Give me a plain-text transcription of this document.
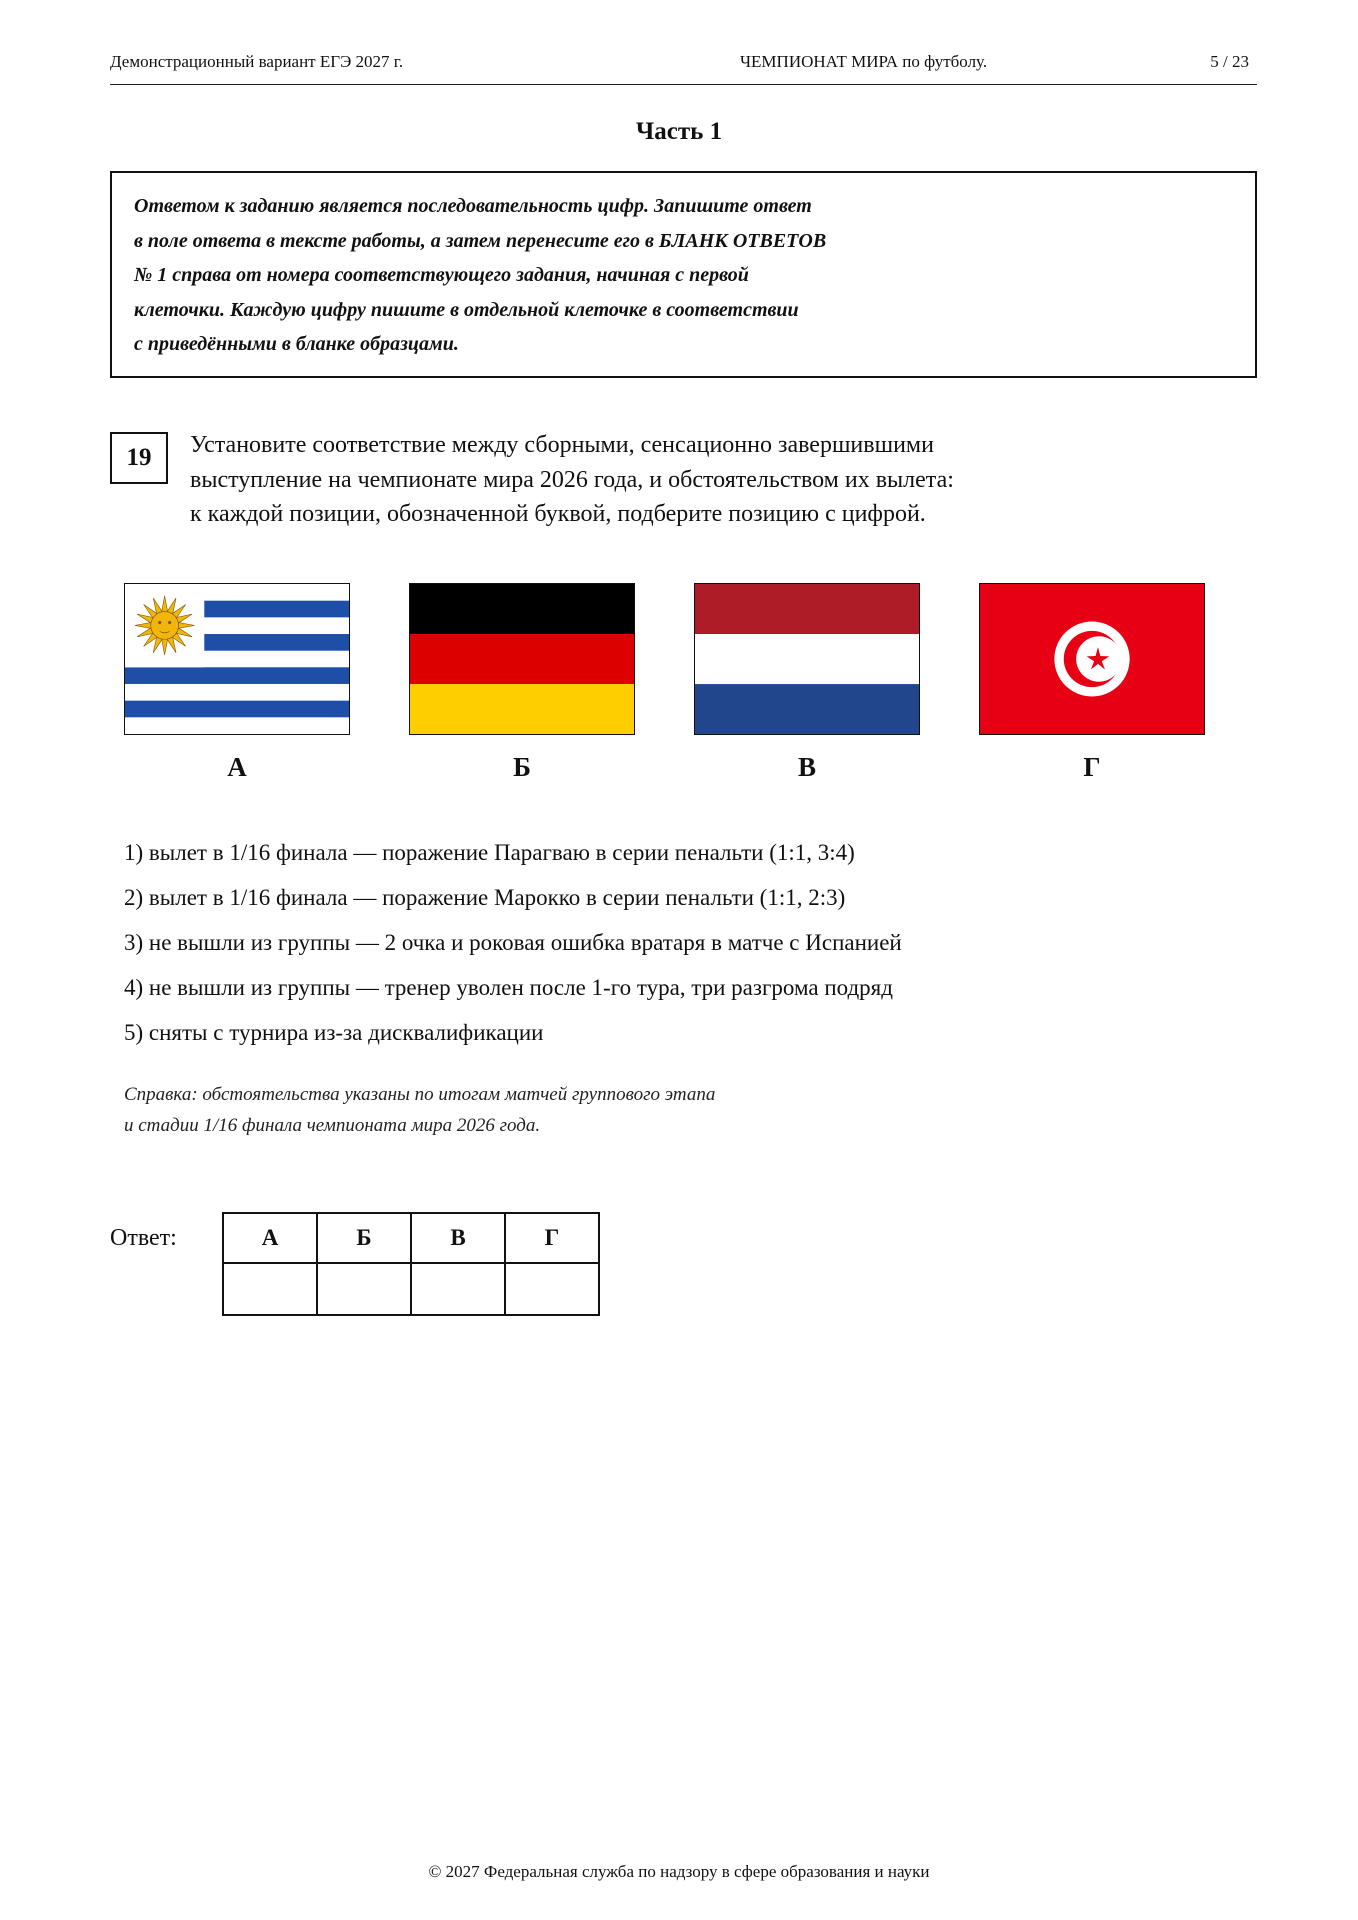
Демонстрационный вариант ЕГЭ 2027 г.	ЧЕМПИОНАТ МИРА по футболу.	5 / 23
Часть 1
Ответом к заданию является последовательность цифр. Запишите ответ
в поле ответа в тексте работы, а затем перенесите его в БЛАНК ОТВЕТОВ
№ 1 справа от номера соответствующего задания, начиная с первой
клеточки. Каждую цифру пишите в отдельной клеточке в соответствии
с приведёнными в бланке образцами.
19	Установите соответствие между сборными, сенсационно завершившими
выступление на чемпионате мира 2026 года, и обстоятельством их вылета:
к каждой позиции, обозначенной буквой, подберите позицию с цифрой.
А	Б	В	Г
1) вылет в 1/16 финала — поражение Парагваю в серии пенальти (1:1, 3:4)
2) вылет в 1/16 финала — поражение Марокко в серии пенальти (1:1, 2:3)
3) не вышли из группы — 2 очка и роковая ошибка вратаря в матче с Испанией
4) не вышли из группы — тренер уволен после 1-го тура, три разгрома подряд
5) сняты с турнира из-за дисквалификации
Справка: обстоятельства указаны по итогам матчей группового этапа
и стадии 1/16 финала чемпионата мира 2026 года.
Ответ:	А	Б	В	Г

© 2027 Федеральная служба по надзору в сфере образования и науки
